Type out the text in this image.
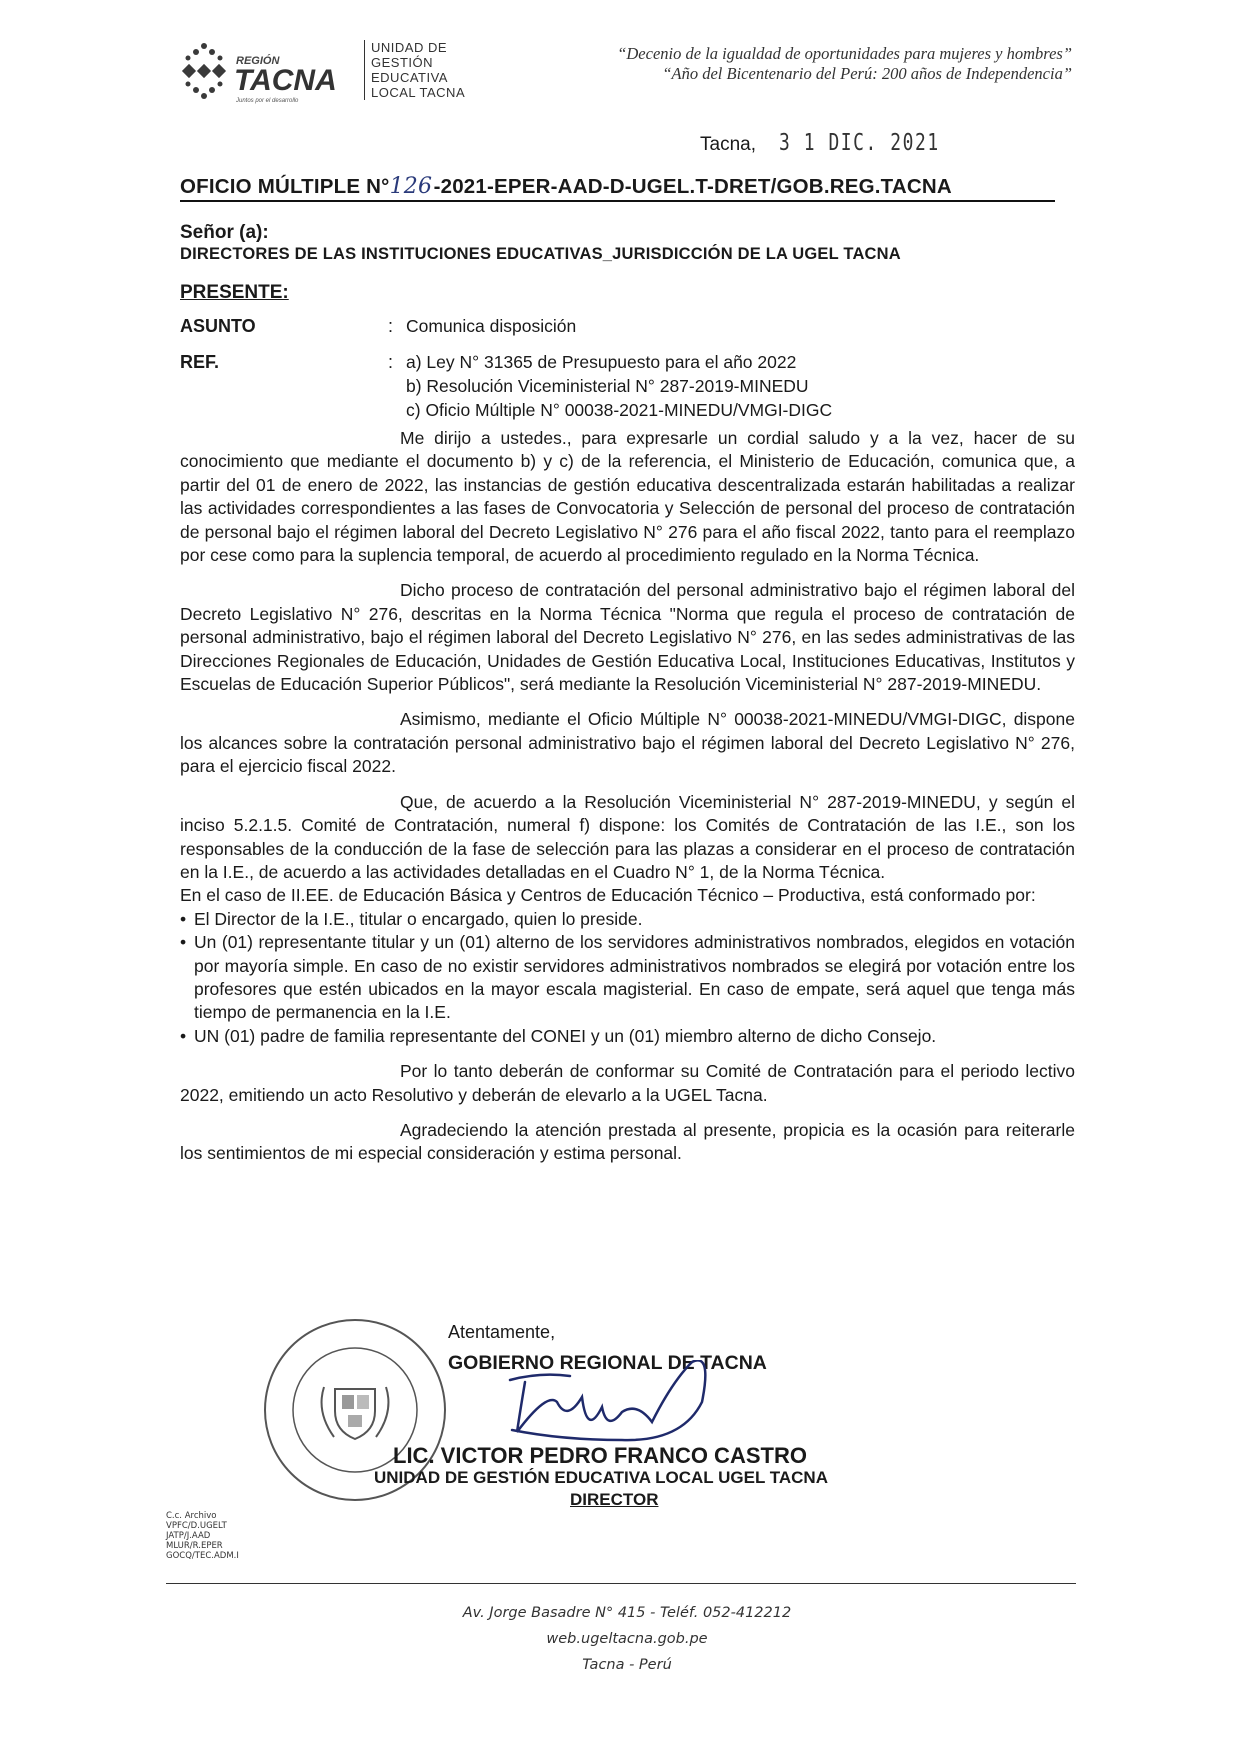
REGIÓN
TACNA
Juntos por el desarrollo
UNIDAD DE
GESTIÓN
EDUCATIVA
LOCAL TACNA
“Decenio de la igualdad de oportunidades para mujeres y hombres”
“Año del Bicentenario del Perú: 200 años de Independencia”
Tacna, 3 1 DIC. 2021
OFICIO MÚLTIPLE N°126-2021-EPER-AAD-D-UGEL.T-DRET/GOB.REG.TACNA
Señor (a):
DIRECTORES DE LAS INSTITUCIONES EDUCATIVAS_JURISDICCIÓN DE LA UGEL TACNA
PRESENTE:
ASUNTO	: Comunica disposición
REF.	: a) Ley N° 31365 de Presupuesto para el año 2022
b) Resolución Viceministerial N° 287-2019-MINEDU
c) Oficio Múltiple N° 00038-2021-MINEDU/VMGI-DIGC

Me dirijo a ustedes., para expresarle un cordial saludo y a la vez, hacer de su conocimiento que mediante el documento b) y c) de la referencia, el Ministerio de Educación, comunica que, a partir del 01 de enero de 2022, las instancias de gestión educativa descentralizada estarán habilitadas a realizar las actividades correspondientes a las fases de Convocatoria y Selección de personal del proceso de contratación de personal bajo el régimen laboral del Decreto Legislativo N° 276 para el año fiscal 2022, tanto para el reemplazo por cese como para la suplencia temporal, de acuerdo al procedimiento regulado en la Norma Técnica.

Dicho proceso de contratación del personal administrativo bajo el régimen laboral del Decreto Legislativo N° 276, descritas en la Norma Técnica "Norma que regula el proceso de contratación de personal administrativo, bajo el régimen laboral del Decreto Legislativo N° 276, en las sedes administrativas de las Direcciones Regionales de Educación, Unidades de Gestión Educativa Local, Instituciones Educativas, Institutos y Escuelas de Educación Superior Públicos", será mediante la Resolución Viceministerial N° 287-2019-MINEDU.

Asimismo, mediante el Oficio Múltiple N° 00038-2021-MINEDU/VMGI-DIGC, dispone los alcances sobre la contratación personal administrativo bajo el régimen laboral del Decreto Legislativo N° 276, para el ejercicio fiscal 2022.

Que, de acuerdo a la Resolución Viceministerial N° 287-2019-MINEDU, y según el inciso 5.2.1.5. Comité de Contratación, numeral f) dispone: los Comités de Contratación de las I.E., son los responsables de la conducción de la fase de selección para las plazas a considerar en el proceso de contratación en la I.E., de acuerdo a las actividades detalladas en el Cuadro N° 1, de la Norma Técnica.

En el caso de II.EE. de Educación Básica y Centros de Educación Técnico – Productiva, está conformado por:

• El Director de la I.E., titular o encargado, quien lo preside.
• Un (01) representante titular y un (01) alterno de los servidores administrativos nombrados, elegidos en votación por mayoría simple. En caso de no existir servidores administrativos nombrados se elegirá por votación entre los profesores que estén ubicados en la mayor escala magisterial. En caso de empate, será aquel que tenga más tiempo de permanencia en la I.E.
• UN (01) padre de familia representante del CONEI y un (01) miembro alterno de dicho Consejo.

Por lo tanto deberán de conformar su Comité de Contratación para el periodo lectivo 2022, emitiendo un acto Resolutivo y deberán de elevarlo a la UGEL Tacna.

Agradeciendo la atención prestada al presente, propicia es la ocasión para reiterarle los sentimientos de mi especial consideración y estima personal.

Atentamente,
GOBIERNO REGIONAL DE TACNA
LIC. VICTOR PEDRO FRANCO CASTRO
UNIDAD DE GESTIÓN EDUCATIVA LOCAL UGEL TACNA
DIRECTOR
C.c. Archivo
VPFC/D.UGELT
JATP/J.AAD
MLUR/R.EPER
GOCQ/TEC.ADM.I
Av. Jorge Basadre N° 415 - Teléf. 052-412212
web.ugeltacna.gob.pe
Tacna - Perú
